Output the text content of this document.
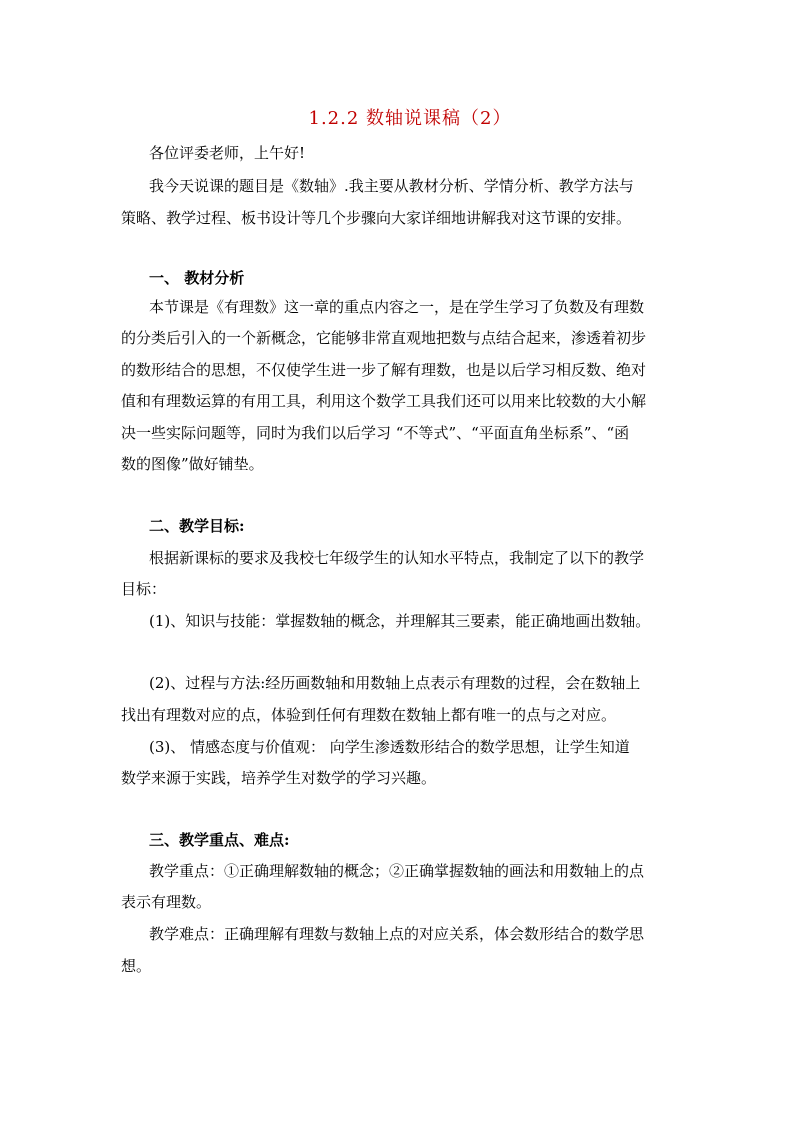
1.2.2 数轴说课稿（2）
各位评委老师，上午好!
我今天说课的题目是《数轴》.我主要从教材分析、学情分析、教学方法与
策略、教学过程、板书设计等几个步骤向大家详细地讲解我对这节课的安排。
一、 教材分析
本节课是《有理数》这一章的重点内容之一，是在学生学习了负数及有理数
的分类后引入的一个新概念，它能够非常直观地把数与点结合起来，渗透着初步
的数形结合的思想，不仅使学生进一步了解有理数，也是以后学习相反数、绝对
值和有理数运算的有用工具，利用这个数学工具我们还可以用来比较数的大小解
决一些实际问题等，同时为我们以后学习 “不等式”、“平面直角坐标系”、“函
数的图像”做好铺垫。
二、教学目标:
根据新课标的要求及我校七年级学生的认知水平特点，我制定了以下的教学
目标：
(1)、知识与技能：掌握数轴的概念，并理解其三要素，能正确地画出数轴。
(2)、过程与方法:经历画数轴和用数轴上点表示有理数的过程，会在数轴上
找出有理数对应的点，体验到任何有理数在数轴上都有唯一的点与之对应。
(3)、 情感态度与价值观： 向学生渗透数形结合的数学思想，让学生知道
数学来源于实践，培养学生对数学的学习兴趣。
三、教学重点、难点:
教学重点：①正确理解数轴的概念；②正确掌握数轴的画法和用数轴上的点
表示有理数。
教学难点：正确理解有理数与数轴上点的对应关系，体会数形结合的数学思
想。
